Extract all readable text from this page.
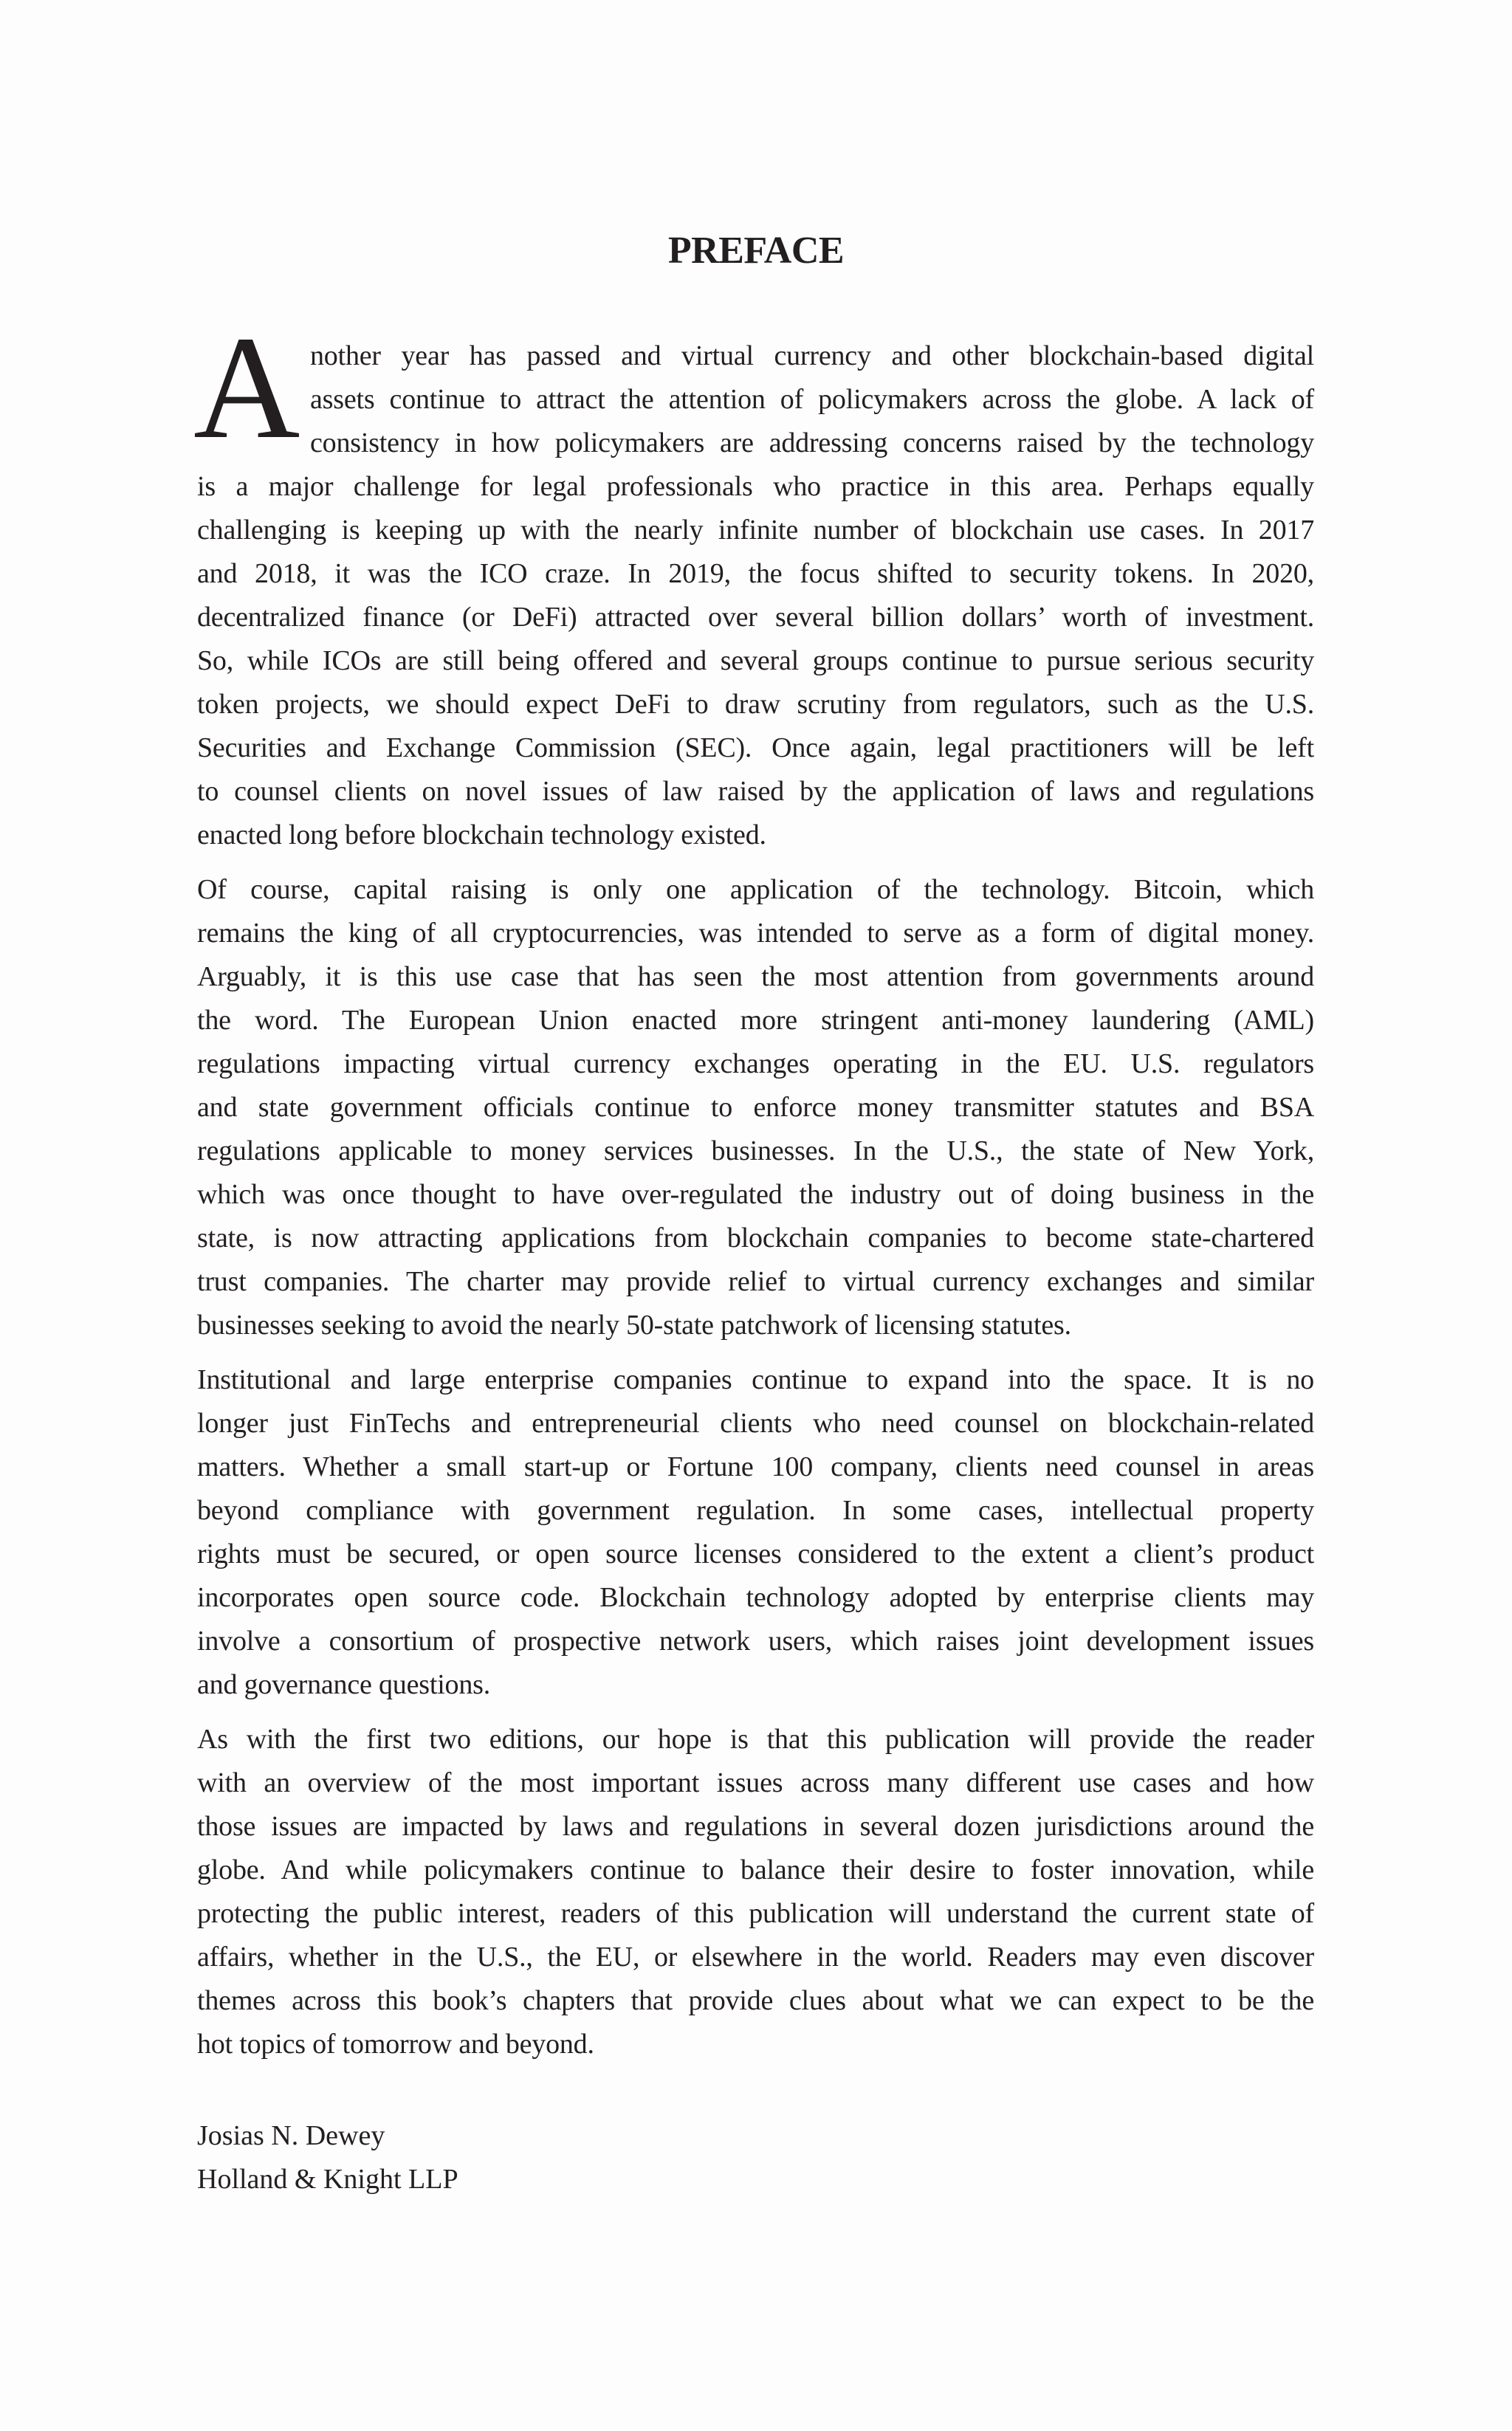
PREFACE
A nother year has passed and virtual currency and other blockchain-based digital
assets continue to attract the attention of policymakers across the globe. A lack of
consistency in how policymakers are addressing concerns raised by the technology
is a major challenge for legal professionals who practice in this area. Perhaps equally
challenging is keeping up with the nearly infinite number of blockchain use cases. In 2017
and 2018, it was the ICO craze. In 2019, the focus shifted to security tokens. In 2020,
decentralized finance (or DeFi) attracted over several billion dollars’ worth of investment.
So, while ICOs are still being offered and several groups continue to pursue serious security
token projects, we should expect DeFi to draw scrutiny from regulators, such as the U.S.
Securities and Exchange Commission (SEC). Once again, legal practitioners will be left
to counsel clients on novel issues of law raised by the application of laws and regulations
enacted long before blockchain technology existed.
Of course, capital raising is only one application of the technology. Bitcoin, which
remains the king of all cryptocurrencies, was intended to serve as a form of digital money.
Arguably, it is this use case that has seen the most attention from governments around
the word. The European Union enacted more stringent anti-money laundering (AML)
regulations impacting virtual currency exchanges operating in the EU. U.S. regulators
and state government officials continue to enforce money transmitter statutes and BSA
regulations applicable to money services businesses. In the U.S., the state of New York,
which was once thought to have over-regulated the industry out of doing business in the
state, is now attracting applications from blockchain companies to become state-chartered
trust companies. The charter may provide relief to virtual currency exchanges and similar
businesses seeking to avoid the nearly 50-state patchwork of licensing statutes.
Institutional and large enterprise companies continue to expand into the space. It is no
longer just FinTechs and entrepreneurial clients who need counsel on blockchain-related
matters. Whether a small start-up or Fortune 100 company, clients need counsel in areas
beyond compliance with government regulation. In some cases, intellectual property
rights must be secured, or open source licenses considered to the extent a client’s product
incorporates open source code. Blockchain technology adopted by enterprise clients may
involve a consortium of prospective network users, which raises joint development issues
and governance questions.
As with the first two editions, our hope is that this publication will provide the reader
with an overview of the most important issues across many different use cases and how
those issues are impacted by laws and regulations in several dozen jurisdictions around the
globe. And while policymakers continue to balance their desire to foster innovation, while
protecting the public interest, readers of this publication will understand the current state of
affairs, whether in the U.S., the EU, or elsewhere in the world. Readers may even discover
themes across this book’s chapters that provide clues about what we can expect to be the
hot topics of tomorrow and beyond.
Josias N. Dewey
Holland & Knight LLP
